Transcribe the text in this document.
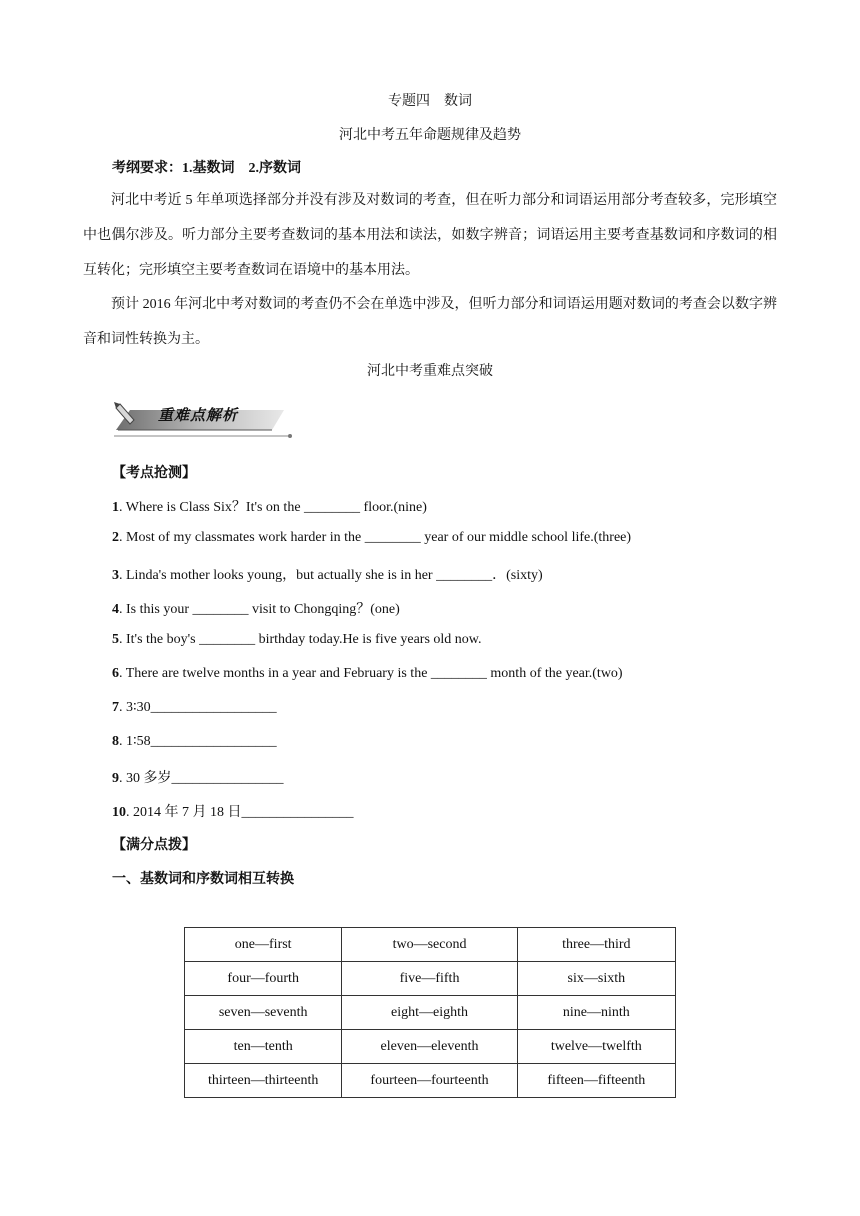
专题四　数词
河北中考五年命题规律及趋势
考纲要求：1.基数词　2.序数词
河北中考近 5 年单项选择部分并没有涉及对数词的考查，但在听力部分和词语运用部分考查较多，完形填空中也偶尔涉及。听力部分主要考查数词的基本用法和读法，如数字辨音；词语运用主要考查基数词和序数词的相互转化；完形填空主要考查数词在语境中的基本用法。
预计 2016 年河北中考对数词的考查仍不会在单选中涉及，但听力部分和词语运用题对数词的考查会以数字辨音和词性转换为主。
河北中考重难点突破
重难点解析
【考点抢测】
1. Where is Class Six？It's on the ________ floor.(nine)
2. Most of my classmates work harder in the ________ year of our middle school life.(three)
3. Linda's mother looks young，but actually she is in her ________．(sixty)
4. Is this your ________ visit to Chongqing？(one)
5. It's the boy's ________ birthday today.He is five years old now.
6. There are twelve months in a year and February is the ________ month of the year.(two)
7. 3∶30__________________
8. 1∶58__________________
9. 30 多岁________________
10. 2014 年 7 月 18 日________________
【满分点拨】
一、基数词和序数词相互转换
one—first	two—second	three—third
four—fourth	five—fifth	six—sixth
seven—seventh	eight—eighth	nine—ninth
ten—tenth	eleven—eleventh	twelve—twelfth
thirteen—thirteenth	fourteen—fourteenth	fifteen—fifteenth
